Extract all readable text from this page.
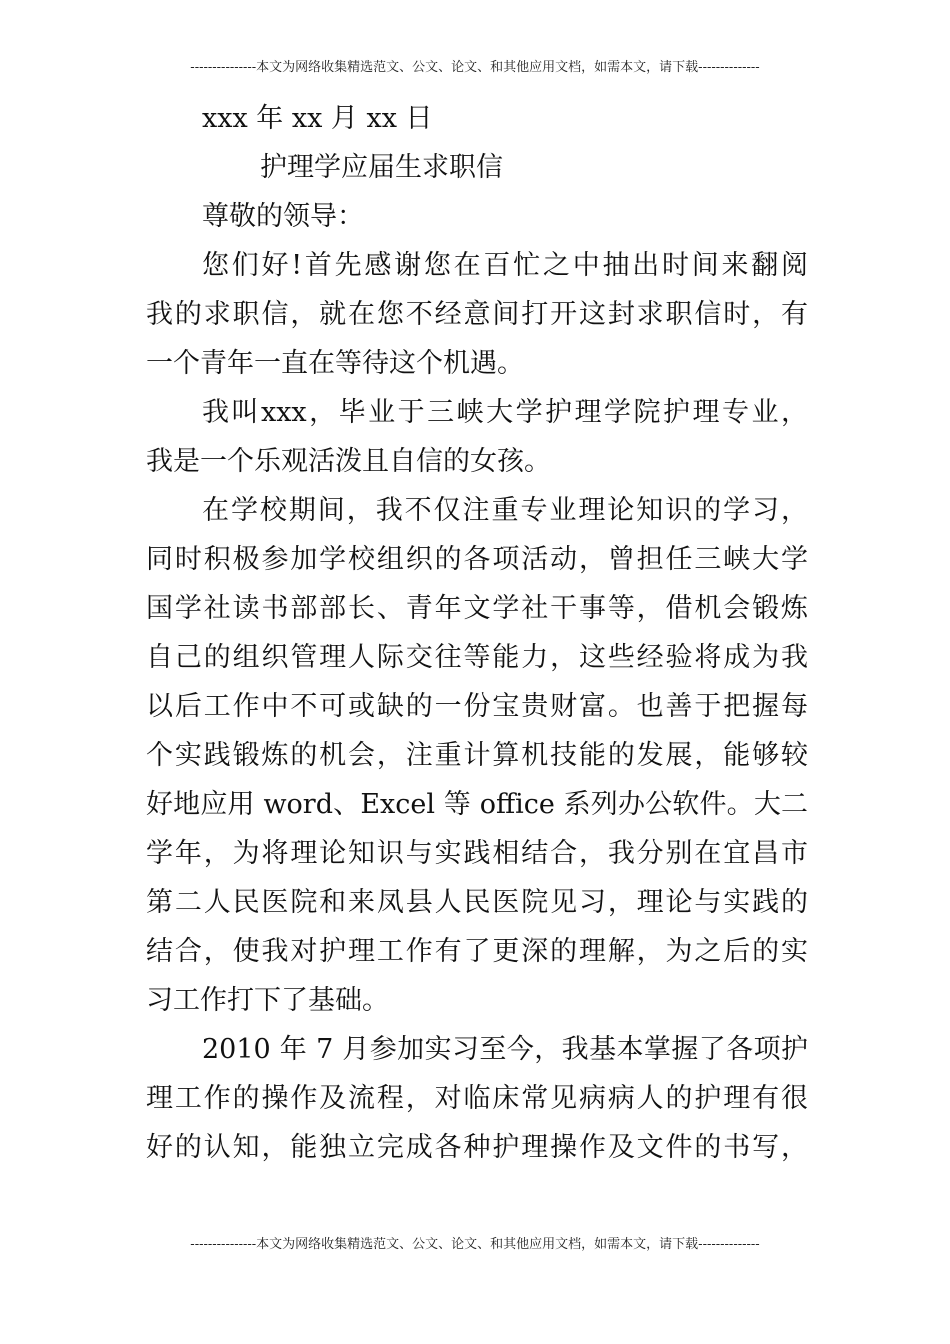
---------------本文为网络收集精选范文、公文、论文、和其他应用文档，如需本文，请下载--------------
xxx 年 xx 月 xx 日
护理学应届生求职信
尊敬的领导：
您们好!首先感谢您在百忙之中抽出时间来翻阅
我的求职信，就在您不经意间打开这封求职信时，有
一个青年一直在等待这个机遇。
我叫xxx，毕业于三峡大学护理学院护理专业，
我是一个乐观活泼且自信的女孩。
在学校期间，我不仅注重专业理论知识的学习，
同时积极参加学校组织的各项活动，曾担任三峡大学
国学社读书部部长、青年文学社干事等，借机会锻炼
自己的组织管理人际交往等能力，这些经验将成为我
以后工作中不可或缺的一份宝贵财富。也善于把握每
个实践锻炼的机会，注重计算机技能的发展，能够较
好地应用 word、Excel 等 office 系列办公软件。大二
学年，为将理论知识与实践相结合，我分别在宜昌市
第二人民医院和来凤县人民医院见习，理论与实践的
结合，使我对护理工作有了更深的理解，为之后的实
习工作打下了基础。
2010 年 7 月参加实习至今，我基本掌握了各项护
理工作的操作及流程，对临床常见病病人的护理有很
好的认知，能独立完成各种护理操作及文件的书写，
---------------本文为网络收集精选范文、公文、论文、和其他应用文档，如需本文，请下载--------------
